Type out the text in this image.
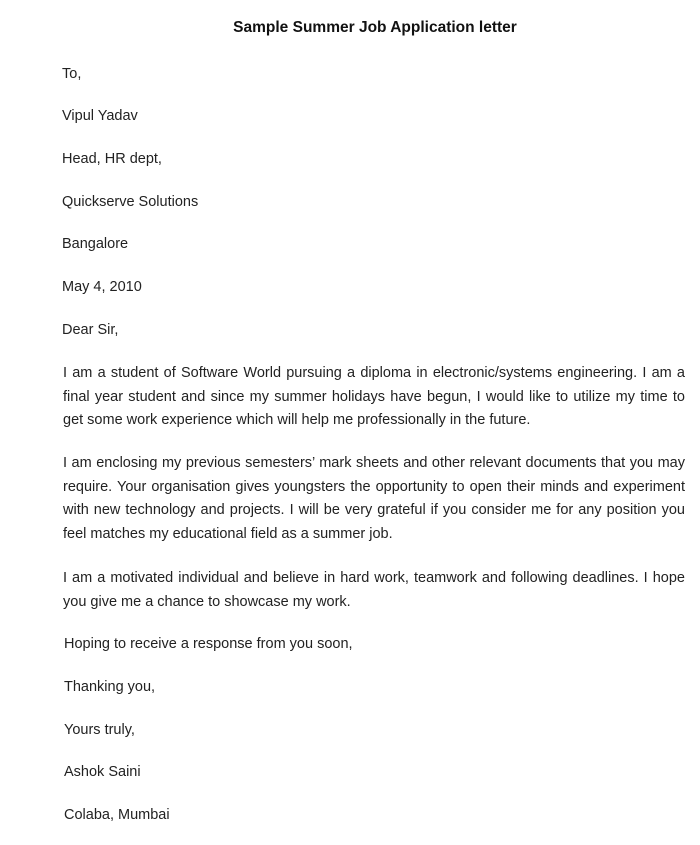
Sample Summer Job Application letter

To,

Vipul Yadav

Head, HR dept,

Quickserve Solutions

Bangalore

May 4, 2010

Dear Sir,

I am a student of Software World pursuing a diploma in electronic/systems engineering. I am a final year student and since my summer holidays have begun, I would like to utilize my time to get some work experience which will help me professionally in the future.

I am enclosing my previous semesters’ mark sheets and other relevant documents that you may require. Your organisation gives youngsters the opportunity to open their minds and experiment with new technology and projects. I will be very grateful if you consider me for any position you feel matches my educational field as a summer job.

I am a motivated individual and believe in hard work, teamwork and following deadlines. I hope you give me a chance to showcase my work.

Hoping to receive a response from you soon,

Thanking you,

Yours truly,

Ashok Saini

Colaba, Mumbai
